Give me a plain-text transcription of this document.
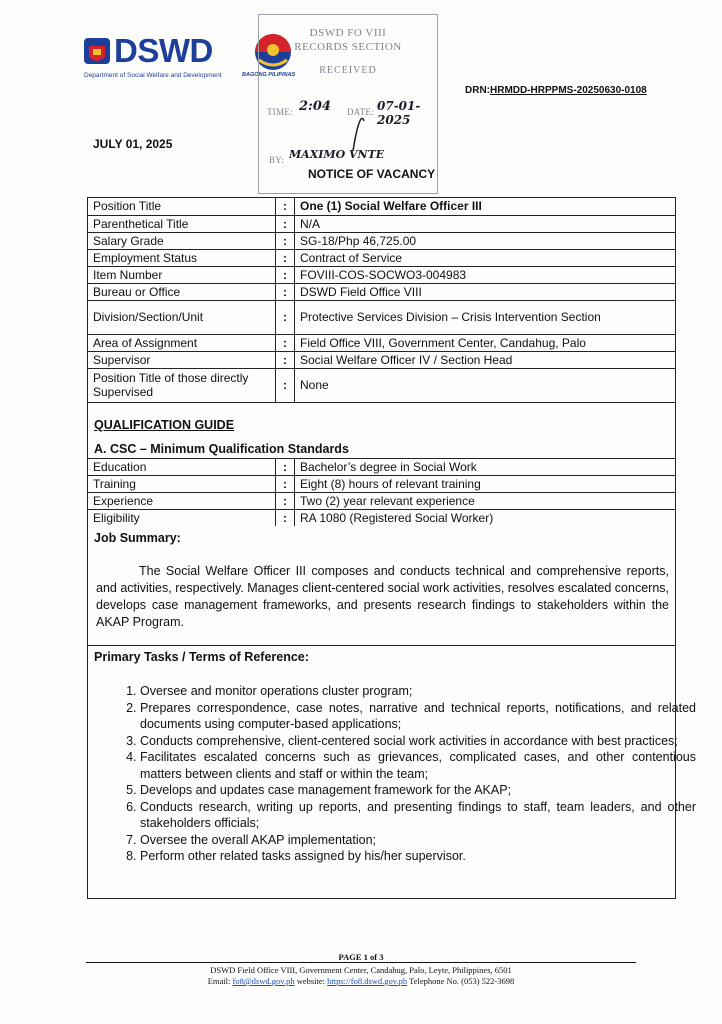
DSWD
Department of Social Welfare and Development	BAGONG PILIPINAS
DSWD FO VIII
RECORDS SECTION
RECEIVED
TIME: 2:04 DATE: 07-01-2025
BY: MAXIMO VNTE
DRN:HRMDD-HRPPMS-20250630-0108
JULY 01, 2025
NOTICE OF VACANCY
Position Title	:	One (1) Social Welfare Officer III
Parenthetical Title	:	N/A
Salary Grade	:	SG-18/Php 46,725.00
Employment Status	:	Contract of Service
Item Number	:	FOVIII-COS-SOCWO3-004983
Bureau or Office	:	DSWD Field Office VIII
Division/Section/Unit	:	Protective Services Division – Crisis Intervention Section
Area of Assignment	:	Field Office VIII, Government Center, Candahug, Palo
Supervisor	:	Social Welfare Officer IV / Section Head
Position Title of those directly Supervised	:	None
QUALIFICATION GUIDE
A. CSC – Minimum Qualification Standards
Education	:	Bachelor’s degree in Social Work
Training	:	Eight (8) hours of relevant training
Experience	:	Two (2) year relevant experience
Eligibility	:	RA 1080 (Registered Social Worker)
Job Summary:
The Social Welfare Officer III composes and conducts technical and comprehensive reports, and activities, respectively. Manages client-centered social work activities, resolves escalated concerns, develops case management frameworks, and presents research findings to stakeholders within the AKAP Program.
Primary Tasks / Terms of Reference:
1. Oversee and monitor operations cluster program;
2. Prepares correspondence, case notes, narrative and technical reports, notifications, and related documents using computer-based applications;
3. Conducts comprehensive, client-centered social work activities in accordance with best practices;
4. Facilitates escalated concerns such as grievances, complicated cases, and other contentious matters between clients and staff or within the team;
5. Develops and updates case management framework for the AKAP;
6. Conducts research, writing up reports, and presenting findings to staff, team leaders, and other stakeholders officials;
7. Oversee the overall AKAP implementation;
8. Perform other related tasks assigned by his/her supervisor.
PAGE 1 of 3
DSWD Field Office VIII, Government Center, Candahug, Palo, Leyte, Philippines, 6501
Email: fo8@dswd.gov.ph website: https://fo8.dswd.gov.ph Telephone No. (053) 522-3698
